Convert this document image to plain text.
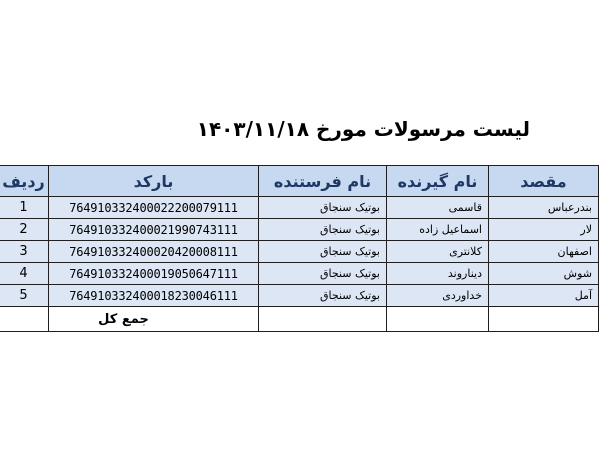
لیست مرسولات مورخ ۱۴۰۳/۱۱/۱۸
ردیف	بارکد	نام فرستنده	نام گیرنده	مقصد
1	764910332400022200079111	بوتیک سنجاق	قاسمی	بندرعباس
2	764910332400021990743111	بوتیک سنجاق	اسماعیل زاده	لار
3	764910332400020420008111	بوتیک سنجاق	کلانتری	اصفهان
4	764910332400019050647111	بوتیک سنجاق	دیناروند	شوش
5	764910332400018230046111	بوتیک سنجاق	خداوردی	آمل
	جمع کل			
